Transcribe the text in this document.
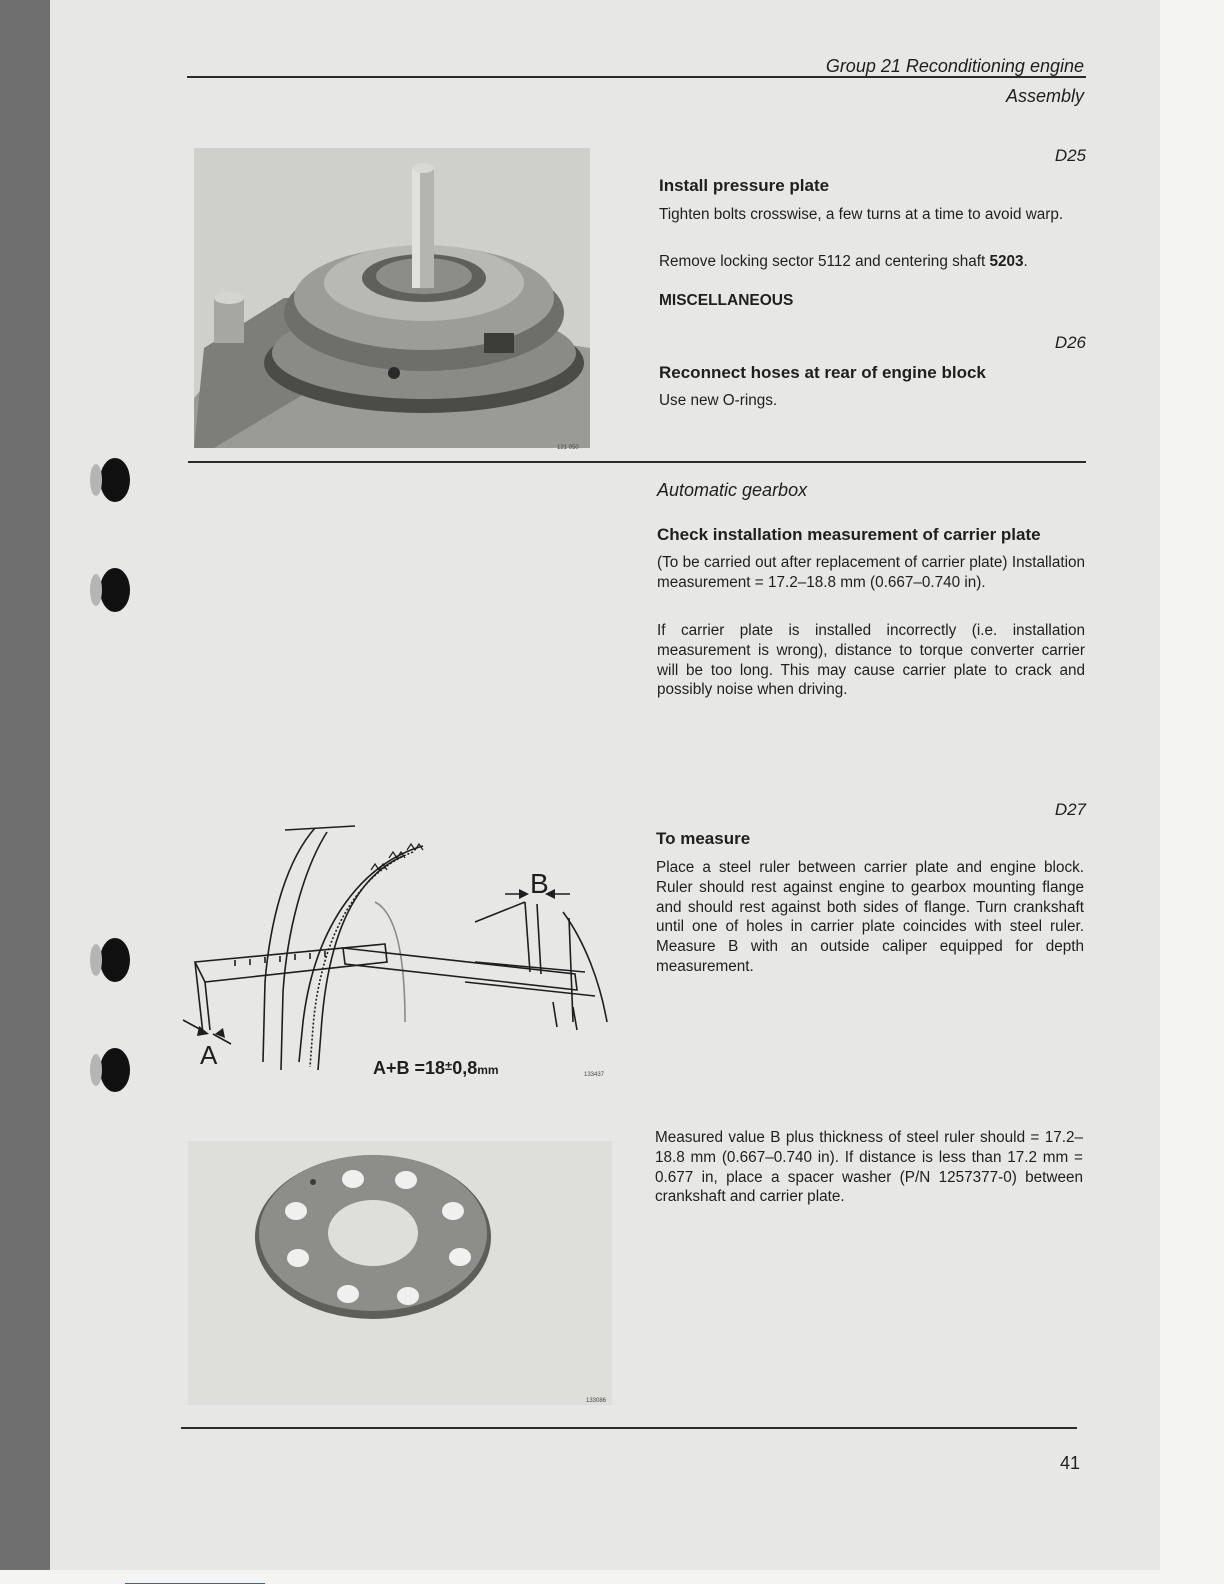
Group 21 Reconditioning engine
Assembly
121 050
D25
Install pressure plate
Tighten bolts crosswise, a few turns at a time to avoid warp.
Remove locking sector 5112 and centering shaft 5203.
MISCELLANEOUS
D26
Reconnect hoses at rear of engine block
Use new O-rings.
Automatic gearbox
Check installation measurement of carrier plate
(To be carried out after replacement of carrier plate) Installation measurement = 17.2–18.8 mm (0.667–0.740 in).
If carrier plate is installed incorrectly (i.e. installation measurement is wrong), distance to torque converter carrier will be too long. This may cause carrier plate to crack and possibly noise when driving.
D27
To measure
Place a steel ruler between carrier plate and engine block. Ruler should rest against engine to gearbox mounting flange and should rest against both sides of flange. Turn crankshaft until one of holes in carrier plate coincides with steel ruler. Measure B with an outside caliper equipped for depth measurement.
B
A	A+B =18±0,8mm	133437
133086
Measured value B plus thickness of steel ruler should = 17.2–18.8 mm (0.667–0.740 in). If distance is less than 17.2 mm = 0.677 in, place a spacer washer (P/N 1257377-0) between crankshaft and carrier plate.
41
